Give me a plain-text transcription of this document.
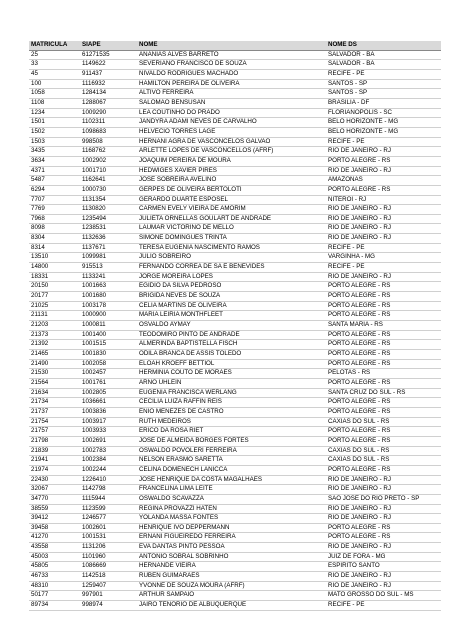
MATRICULA	SIAPE	NOME	NOME DS
25	61271535	ANANIAS ALVES BARRETO	SALVADOR - BA
33	1149622	SEVERIANO FRANCISCO DE SOUZA	SALVADOR - BA
45	911437	NIVALDO RODRIGUES MACHADO	RECIFE - PE
100	1116932	HAMILTON PEREIRA DE OLIVEIRA	SANTOS - SP
1058	1284134	ALTIVO FERREIRA	SANTOS - SP
1108	1288067	SALOMAO BENSUSAN	BRASILIA - DF
1234	1009290	LEA COUTINHO DO PRADO	FLORIANOPOLIS - SC
1501	1102311	JANDYRA ADAMI NEVES DE CARVALHO	BELO HORIZONTE - MG
1502	1098683	HELVECIO TORRES LAGE	BELO HORIZONTE - MG
1503	998508	HERNANI AGRA DE VASCONCELOS GALVAO	RECIFE - PE
3435	1168762	ARLETTE LOPES DE VASCONCELLOS (AFRF)	RIO DE JANEIRO - RJ
3634	1002902	JOAQUIM PEREIRA DE MOURA	PORTO ALEGRE - RS
4371	1001710	HEDWIGES XAVIER PIRES	RIO DE JANEIRO - RJ
5487	1162641	JOSE SOBREIRA AVELINO	AMAZONAS
6294	1000730	GERPES DE OLIVEIRA BERTOLOTI	PORTO ALEGRE - RS
7707	1131354	GERARDO DUARTE ESPOSEL	NITEROI - RJ
7769	1130820	CARMEN EVELY VIEIRA DE AMORIM	RIO DE JANEIRO - RJ
7968	1235494	JULIETA ORNELLAS GOULART DE ANDRADE	RIO DE JANEIRO - RJ
8098	1238531	LAUMAR VICTORINO DE MELLO	RIO DE JANEIRO - RJ
8304	1132636	SIMONE DOMINGUES TRINTA	RIO DE JANEIRO - RJ
8314	1137671	TERESA EUGENIA NASCIMENTO RAMOS	RECIFE - PE
13510	1099981	JULIO SOBREIRO	VARGINHA - MG
14800	915513	FERNANDO CORREA DE SA E BENEVIDES	RECIFE - PE
18331	1133241	JORGE MOREIRA LOPES	RIO DE JANEIRO - RJ
20150	1001663	EGIDIO DA SILVA PEDROSO	PORTO ALEGRE - RS
20177	1001680	BRIGIDA NEVES DE SOUZA	PORTO ALEGRE - RS
21025	1003178	CELIA MARTINS DE OLIVEIRA	PORTO ALEGRE - RS
21131	1000900	MARIA LEIRIA MONTHFLEET	PORTO ALEGRE - RS
21203	1000811	OSVALDO AYMAY	SANTA MARIA - RS
21373	1001400	TEODOMIRO PINTO DE ANDRADE	PORTO ALEGRE - RS
21392	1001515	ALMERINDA BAPTISTELLA FISCH	PORTO ALEGRE - RS
21465	1001830	ODILA BRANCA DE ASSIS TOLEDO	PORTO ALEGRE - RS
21490	1002058	ELOAH KROEFF BETTIOL	PORTO ALEGRE - RS
21530	1002457	HERMINIA COUTO DE MORAES	PELOTAS - RS
21564	1001761	ARNO UHLEIN	PORTO ALEGRE - RS
21634	1002805	EUGENIA FRANCISCA WERLANG	SANTA CRUZ DO SUL - RS
21734	1036661	CECILIA LUIZA RAFFIN REIS	PORTO ALEGRE - RS
21737	1003836	ENIO MENEZES DE CASTRO	PORTO ALEGRE - RS
21754	1003917	RUTH MEDEIROS	CAXIAS DO SUL - RS
21757	1003933	ERICO DA ROSA RIET	PORTO ALEGRE - RS
21798	1002691	JOSE DE ALMEIDA BORGES FORTES	PORTO ALEGRE - RS
21839	1002783	OSWALDO POVOLERI FERREIRA	CAXIAS DO SUL - RS
21941	1002384	NELSON ERASMO SARETTA	CAXIAS DO SUL - RS
21974	1002244	CELINA DOMENECH LANICCA	PORTO ALEGRE - RS
22430	1226410	JOSE HENRIQUE DA COSTA MAGALHAES	RIO DE JANEIRO - RJ
32067	1142798	FRANCELINA LIMA LEITE	RIO DE JANEIRO - RJ
34770	1115944	OSWALDO SCAVAZZA	SAO JOSE DO RIO PRETO - SP
38559	1123599	REGINA PROVAZZI HATEN	RIO DE JANEIRO - RJ
39412	1246577	YOLANDA MASSA FONTES	RIO DE JANEIRO - RJ
39458	1002601	HENRIQUE IVO DEPPERMANN	PORTO ALEGRE - RS
41270	1001531	ERNANI FIGUEIREDO FERREIRA	PORTO ALEGRE - RS
43558	1131206	EVA DANTAS PINTO PESSOA	RIO DE JANEIRO - RJ
45003	1101960	ANTONIO SOBRAL SOBRINHO	JUIZ DE FORA - MG
45805	1086669	HERNANDE VIEIRA	ESPIRITO SANTO
46733	1142518	RUBEN GUIMARAES	RIO DE JANEIRO - RJ
48310	1259407	YVONNE DE SOUZA MOURA (AFRF)	RIO DE JANEIRO - RJ
50177	997901	ARTHUR SAMPAIO	MATO GROSSO DO SUL - MS
89734	998974	JAIRO TENORIO DE ALBUQUERQUE	RECIFE - PE
